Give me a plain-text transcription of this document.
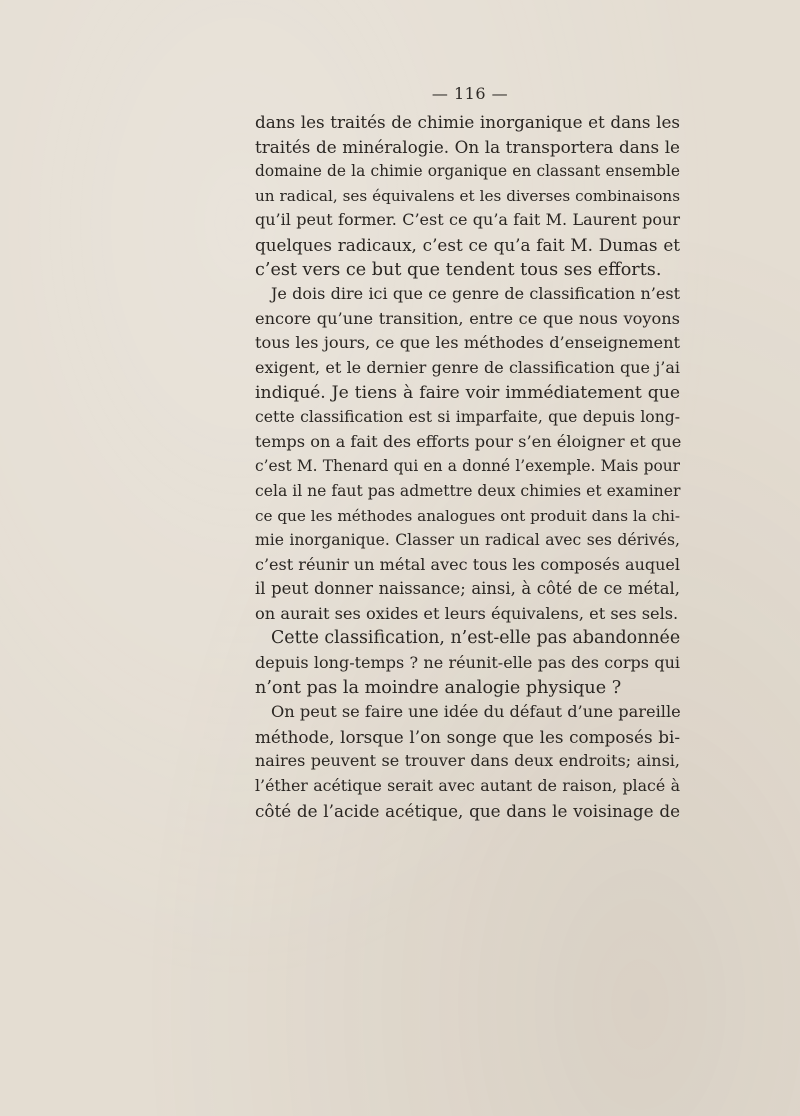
— 116 —
dans les traités de chimie inorganique et dans les
traités de minéralogie. On la transportera dans le
domaine de la chimie organique en classant ensemble
un radical, ses équivalens et les diverses combinaisons
qu’il peut former. C’est ce qu’a fait M. Laurent pour
quelques radicaux, c’est ce qu’a fait M. Dumas et
c’est vers ce but que tendent tous ses efforts.
Je dois dire ici que ce genre de classification n’est
encore qu’une transition, entre ce que nous voyons
tous les jours, ce que les méthodes d’enseignement
exigent, et le dernier genre de classification que j’ai
indiqué. Je tiens à faire voir immédiatement que
cette classification est si imparfaite, que depuis long-
temps on a fait des efforts pour s’en éloigner et que
c’est M. Thenard qui en a donné l’exemple. Mais pour
cela il ne faut pas admettre deux chimies et examiner
ce que les méthodes analogues ont produit dans la chi-
mie inorganique. Classer un radical avec ses dérivés,
c’est réunir un métal avec tous les composés auquel
il peut donner naissance; ainsi, à côté de ce métal,
on aurait ses oxides et leurs équivalens, et ses sels.
Cette classification, n’est-elle pas abandonnée
depuis long-temps ? ne réunit-elle pas des corps qui
n’ont pas la moindre analogie physique ?
On peut se faire une idée du défaut d’une pareille
méthode, lorsque l’on songe que les composés bi-
naires peuvent se trouver dans deux endroits; ainsi,
l’éther acétique serait avec autant de raison, placé à
côté de l’acide acétique, que dans le voisinage de
